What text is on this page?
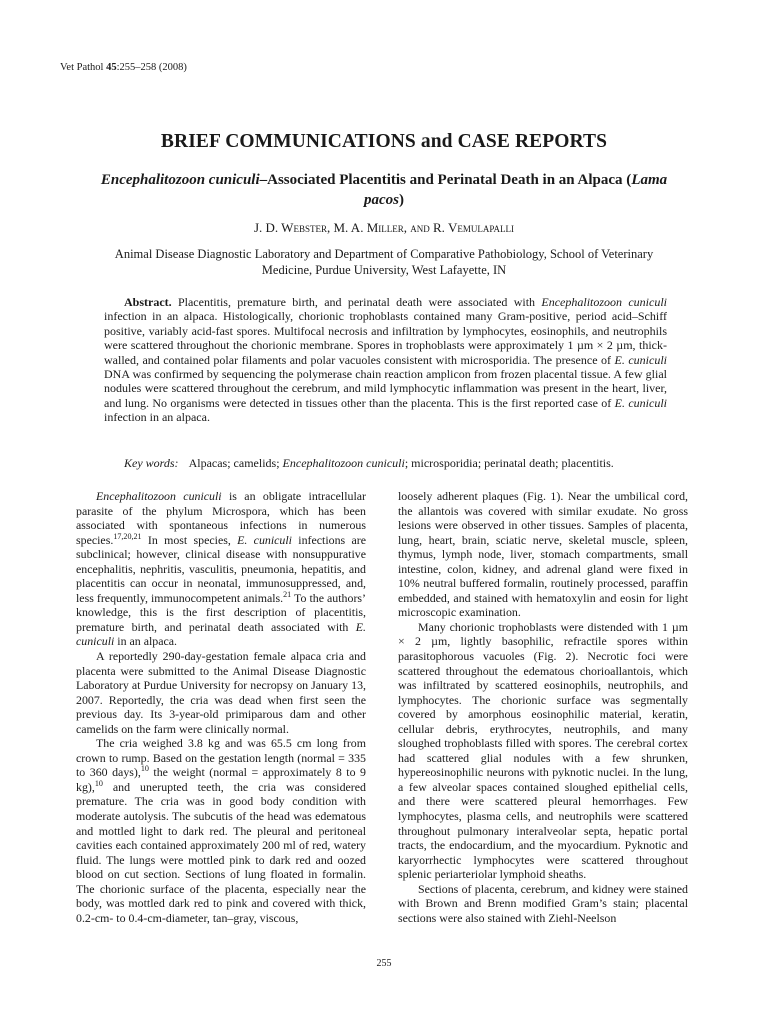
Vet Pathol 45:255–258 (2008)
BRIEF COMMUNICATIONS and CASE REPORTS
Encephalitozoon cuniculi–Associated Placentitis and Perinatal Death in an Alpaca (Lama pacos)
J. D. Webster, M. A. Miller, and R. Vemulapalli
Animal Disease Diagnostic Laboratory and Department of Comparative Pathobiology, School of Veterinary Medicine, Purdue University, West Lafayette, IN

Abstract. Placentitis, premature birth, and perinatal death were associated with Encephalitozoon cuniculi infection in an alpaca. Histologically, chorionic trophoblasts contained many Gram-positive, period acid–Schiff positive, variably acid-fast spores. Multifocal necrosis and infiltration by lymphocytes, eosinophils, and neutrophils were scattered throughout the chorionic membrane. Spores in trophoblasts were approximately 1 µm × 2 µm, thick-walled, and contained polar filaments and polar vacuoles consistent with microsporidia. The presence of E. cuniculi DNA was confirmed by sequencing the polymerase chain reaction amplicon from frozen placental tissue. A few glial nodules were scattered throughout the cerebrum, and mild lymphocytic inflammation was present in the heart, liver, and lung. No organisms were detected in tissues other than the placenta. This is the first reported case of E. cuniculi infection in an alpaca.

Key words: Alpacas; camelids; Encephalitozoon cuniculi; microsporidia; perinatal death; placentitis.

Encephalitozoon cuniculi is an obligate intracellular parasite of the phylum Microspora, which has been associated with spontaneous infections in numerous species.$^{17,20,21}$ In most species, E. cuniculi infections are subclinical; however, clinical disease with nonsuppurative encephalitis, nephritis, vasculitis, pneumonia, hepatitis, and placentitis can occur in neonatal, immunosuppressed, and, less frequently, immunocompetent animals.$^{21}$ To the authors’ knowledge, this is the first description of placentitis, premature birth, and perinatal death associated with E. cuniculi in an alpaca.

A reportedly 290-day-gestation female alpaca cria and placenta were submitted to the Animal Disease Diagnostic Laboratory at Purdue University for necropsy on January 13, 2007. Reportedly, the cria was dead when first seen the previous day. Its 3-year-old primiparous dam and other camelids on the farm were clinically normal.

The cria weighed 3.8 kg and was 65.5 cm long from crown to rump. Based on the gestation length (normal = 335 to 360 days),$^{10}$ the weight (normal = approximately 8 to 9 kg),$^{10}$ and unerupted teeth, the cria was considered premature. The cria was in good body condition with moderate autolysis. The subcutis of the head was edematous and mottled light to dark red. The pleural and peritoneal cavities each contained approximately 200 ml of red, watery fluid. The lungs were mottled pink to dark red and oozed blood on cut section. Sections of lung floated in formalin. The chorionic surface of the placenta, especially near the body, was mottled dark red to pink and covered with thick, 0.2-cm- to 0.4-cm-diameter, tan–gray, viscous,

loosely adherent plaques (Fig. 1). Near the umbilical cord, the allantois was covered with similar exudate. No gross lesions were observed in other tissues. Samples of placenta, lung, heart, brain, sciatic nerve, skeletal muscle, spleen, thymus, lymph node, liver, stomach compartments, small intestine, colon, kidney, and adrenal gland were fixed in 10% neutral buffered formalin, routinely processed, paraffin embedded, and stained with hematoxylin and eosin for light microscopic examination.

Many chorionic trophoblasts were distended with 1 µm × 2 µm, lightly basophilic, refractile spores within parasitophorous vacuoles (Fig. 2). Necrotic foci were scattered throughout the edematous chorioallantois, which was infiltrated by scattered eosinophils, neutrophils, and lymphocytes. The chorionic surface was segmentally covered by amorphous eosinophilic material, keratin, cellular debris, erythrocytes, neutrophils, and many sloughed trophoblasts filled with spores. The cerebral cortex had scattered glial nodules with a few shrunken, hypereosinophilic neurons with pyknotic nuclei. In the lung, a few alveolar spaces contained sloughed epithelial cells, and there were scattered pleural hemorrhages. Few lymphocytes, plasma cells, and neutrophils were scattered throughout pulmonary interalveolar septa, hepatic portal tracts, the endocardium, and the myocardium. Pyknotic and karyorrhectic lymphocytes were scattered throughout splenic periarteriolar lymphoid sheaths.

Sections of placenta, cerebrum, and kidney were stained with Brown and Brenn modified Gram’s stain; placental sections were also stained with Ziehl-Neelson

255
